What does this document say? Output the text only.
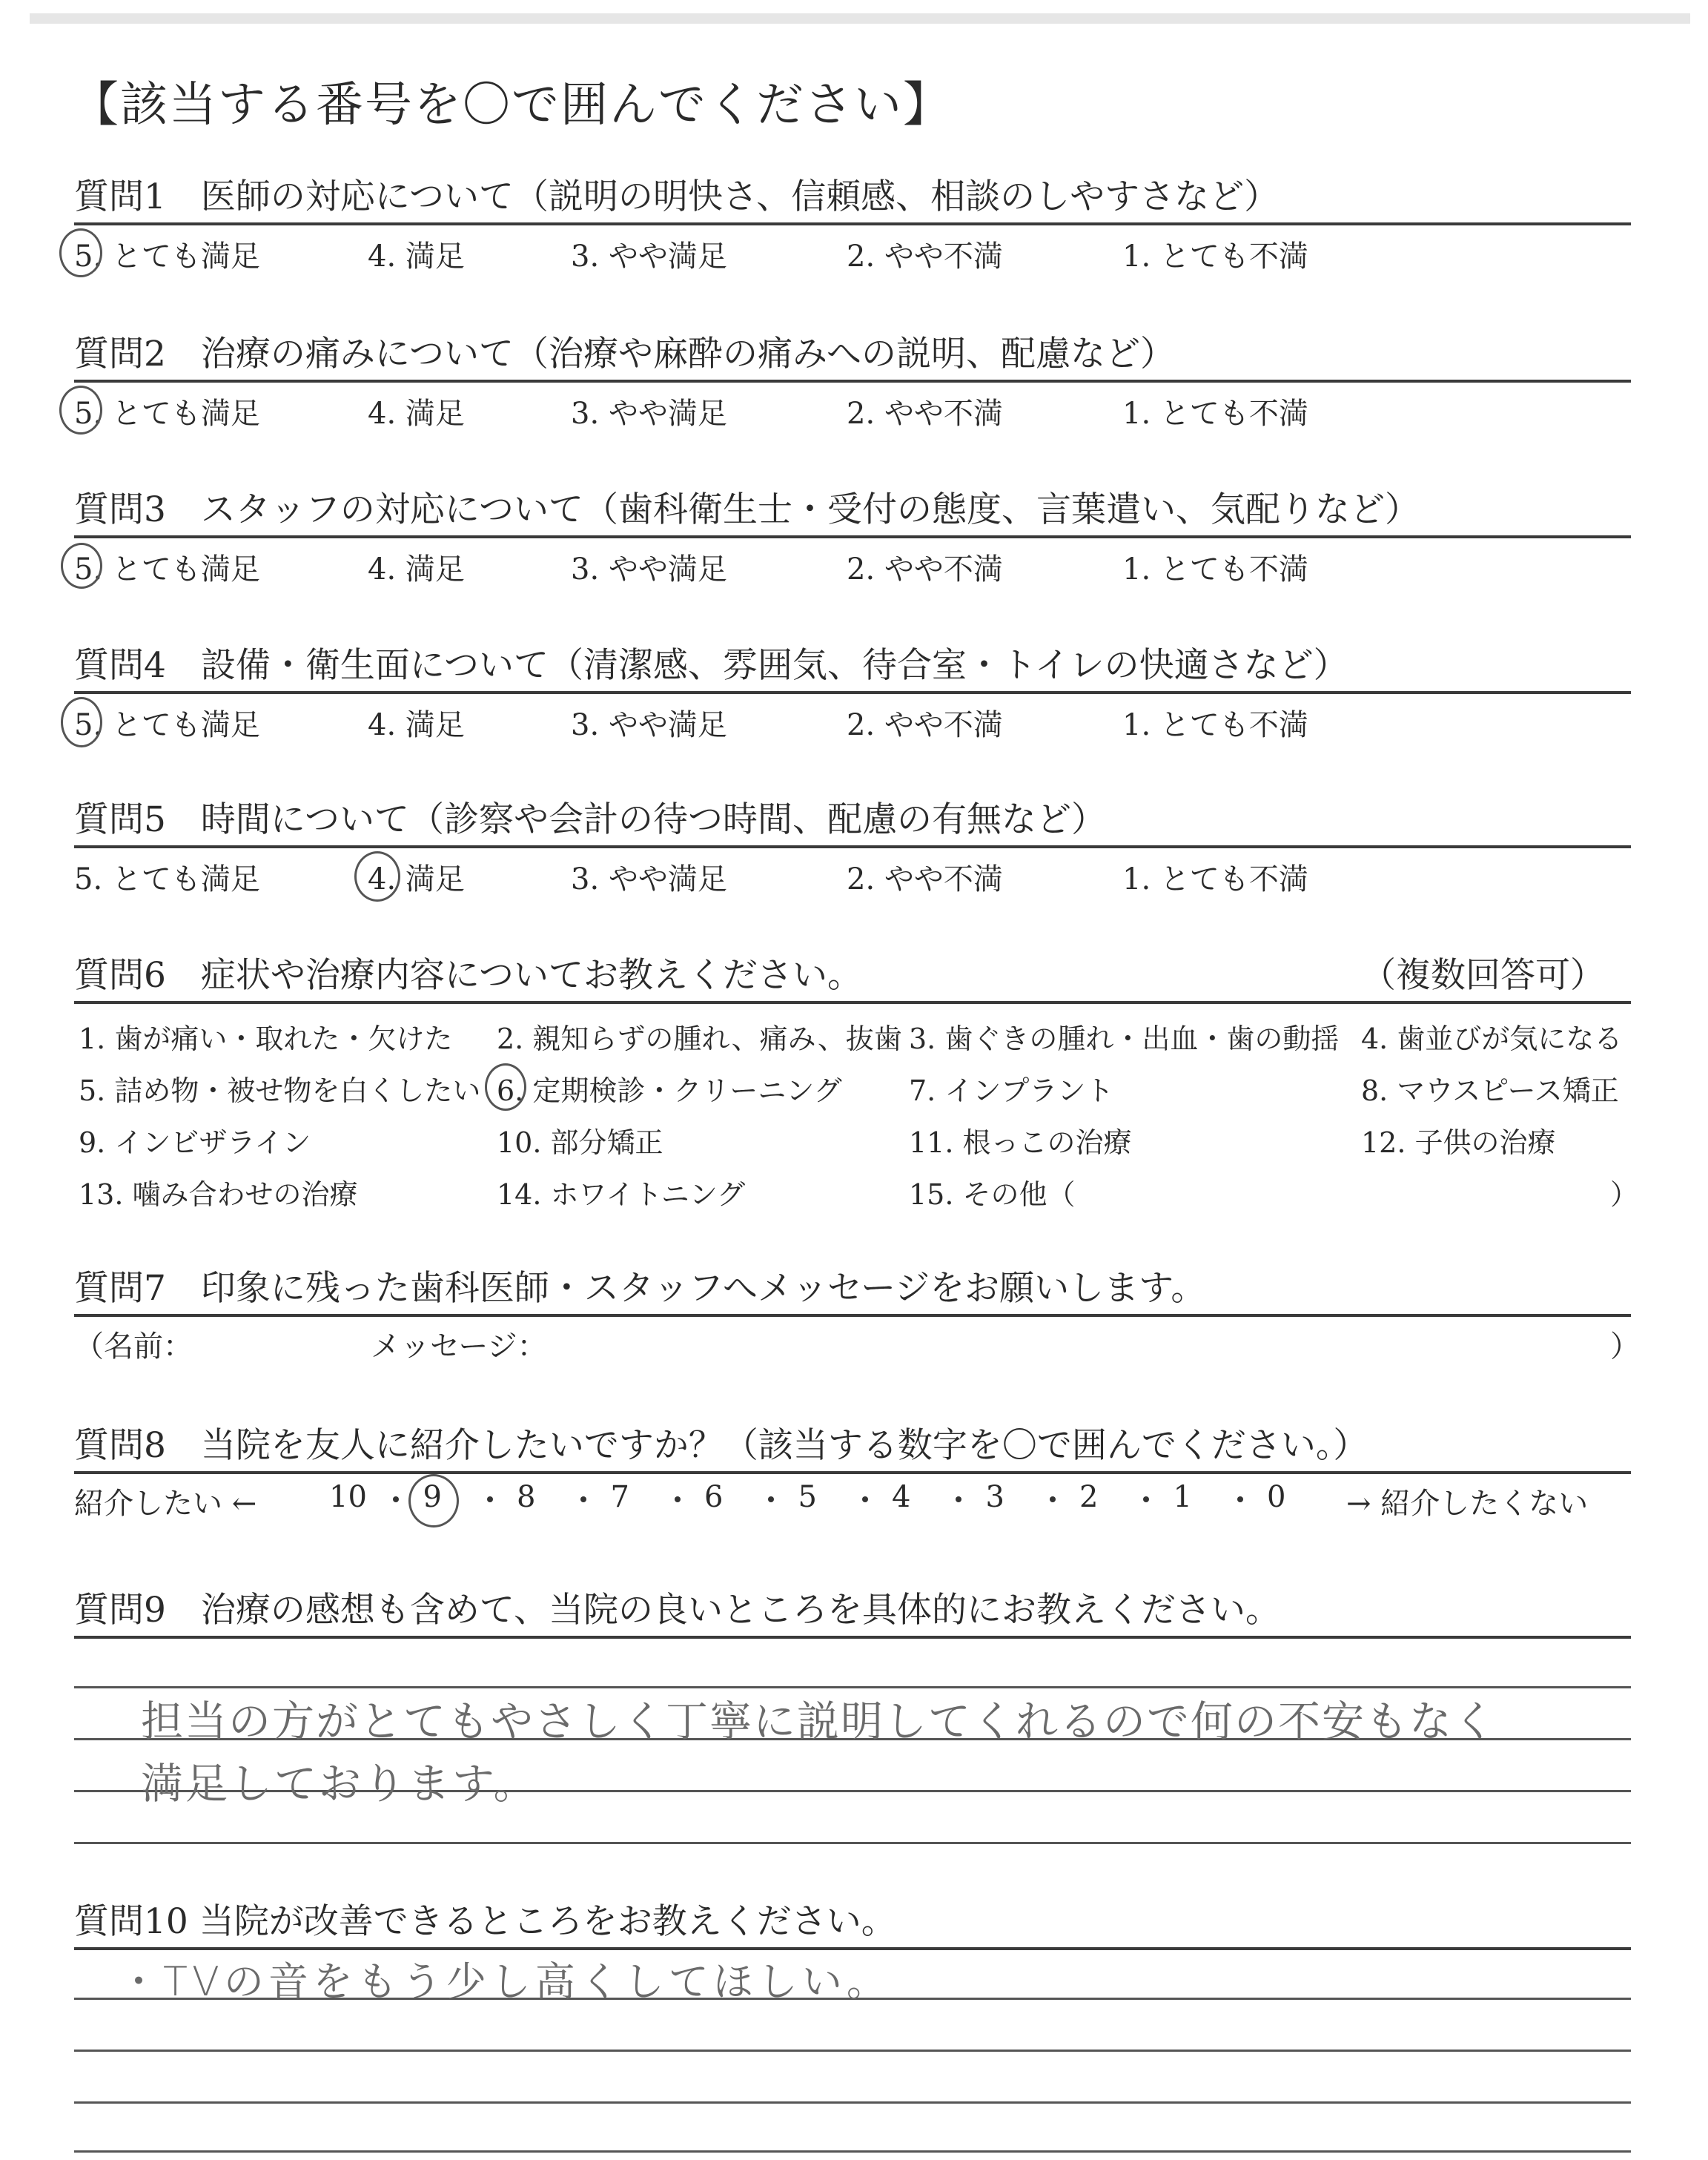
【該当する番号を〇で囲んでください】
質問1　医師の対応について（説明の明快さ、信頼感、相談のしやすさなど）
5. とても満足	4. 満足	3. やや満足	2. やや不満	1. とても不満
質問2　治療の痛みについて（治療や麻酔の痛みへの説明、配慮など）
5. とても満足	4. 満足	3. やや満足	2. やや不満	1. とても不満
質問3　スタッフの対応について（歯科衛生士・受付の態度、言葉遣い、気配りなど）
5. とても満足	4. 満足	3. やや満足	2. やや不満	1. とても不満
質問4　設備・衛生面について（清潔感、雰囲気、待合室・トイレの快適さなど）
5. とても満足	4. 満足	3. やや満足	2. やや不満	1. とても不満
質問5　時間について（診察や会計の待つ時間、配慮の有無など）
5. とても満足	4. 満足	3. やや満足	2. やや不満	1. とても不満
質問6　症状や治療内容についてお教えください。	（複数回答可）
1. 歯が痛い・取れた・欠けた 2. 親知らずの腫れ、痛み、抜歯 3. 歯ぐきの腫れ・出血・歯の動揺 4. 歯並びが気になる
5. 詰め物・被せ物を白くしたい 6. 定期検診・クリーニング 7. インプラント	8. マウスピース矯正
9. インビザライン	10. 部分矯正	11. 根っこの治療	12. 子供の治療
13. 噛み合わせの治療	14. ホワイトニング	15. その他（	）
質問7　印象に残った歯科医師・スタッフへメッセージをお願いします。
（名前：	メッセージ：	）
質問8　当院を友人に紹介したいですか？（該当する数字を〇で囲んでください。）
紹介したい ←	→ 紹介したくない
10 9	8	7	6	5	4	3	2	1	0
質問9　治療の感想も含めて、当院の良いところを具体的にお教えください。
担当の方がとてもやさしく丁寧に説明してくれるので何の不安もなく
満足しております。
質問10 当院が改善できるところをお教えください。
・TVの音をもう少し高くしてほしい。
